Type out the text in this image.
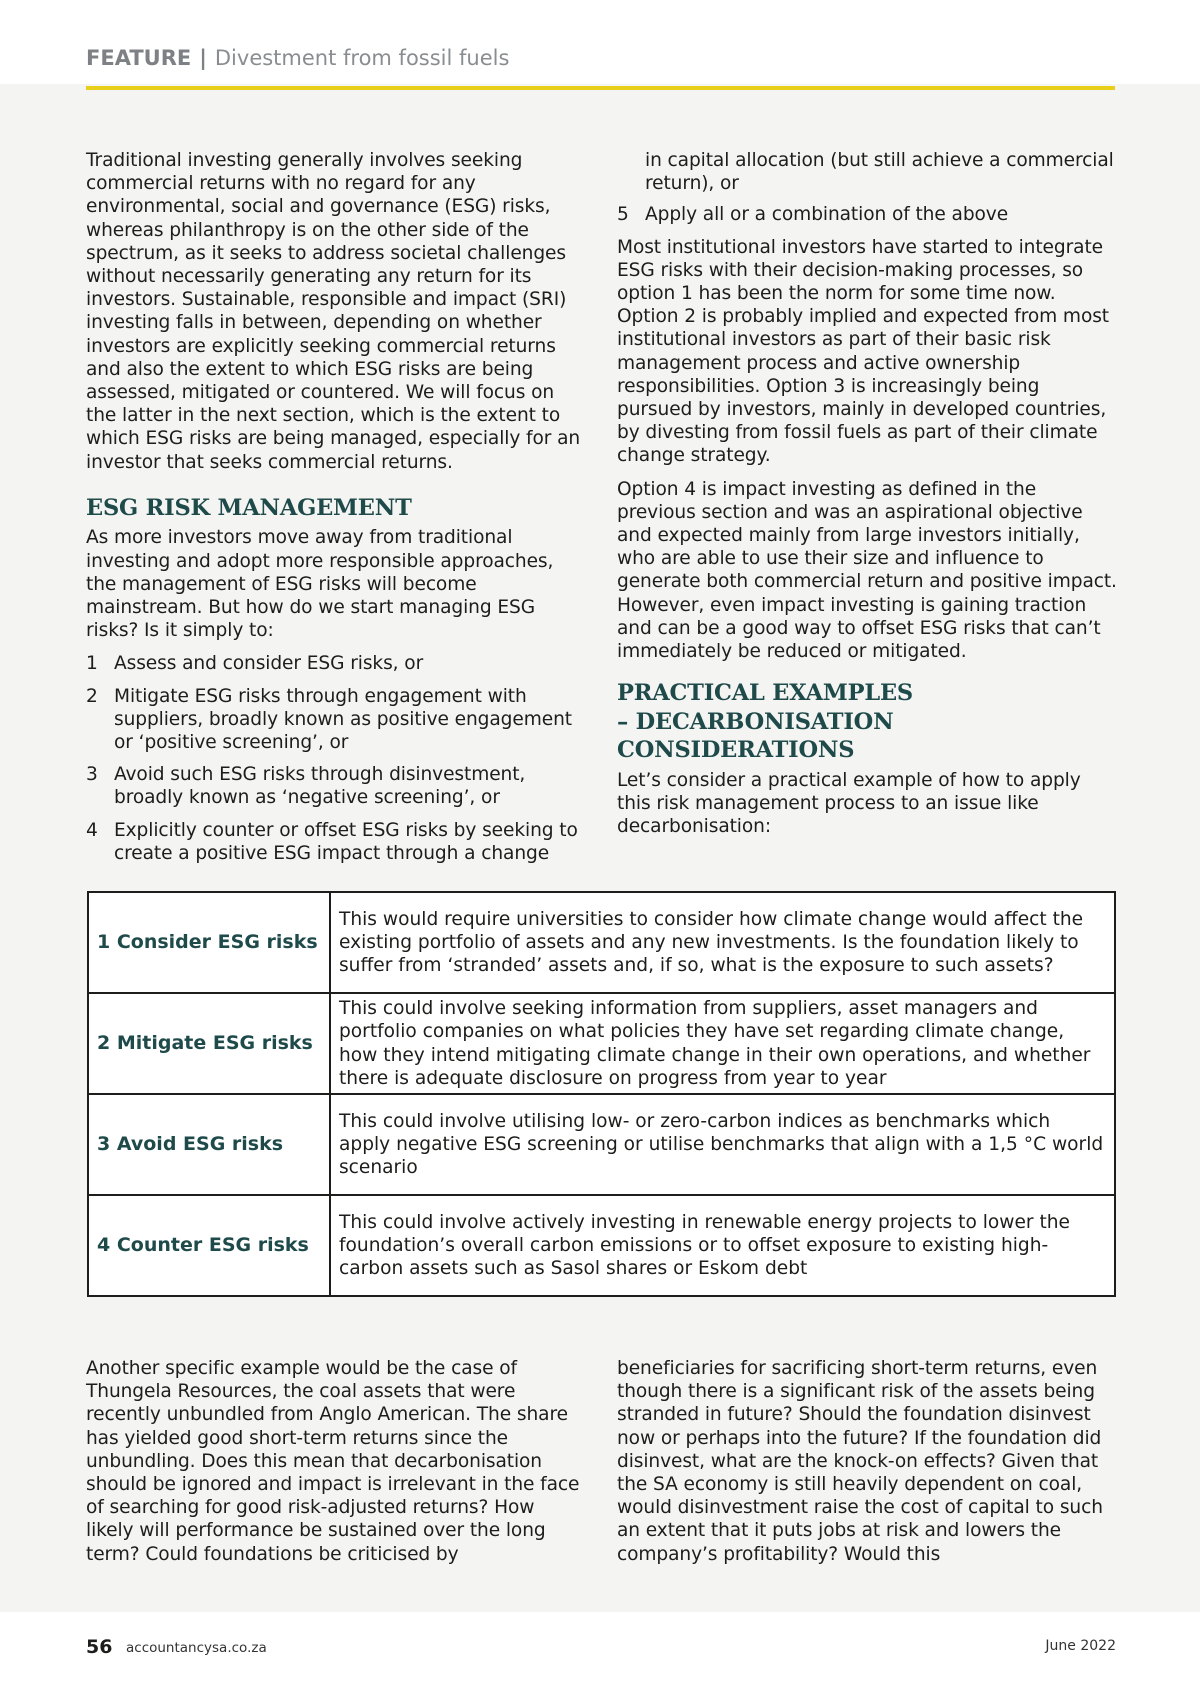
FEATURE | Divestment from fossil fuels

Traditional investing generally involves seeking commercial returns with no regard for any environmental, social and governance (ESG) risks, whereas philanthropy is on the other side of the spectrum, as it seeks to address societal challenges without necessarily generating any return for its investors. Sustainable, responsible and impact (SRI) investing falls in between, depending on whether investors are explicitly seeking commercial returns and also the extent to which ESG risks are being assessed, mitigated or countered. We will focus on the latter in the next section, which is the extent to which ESG risks are being managed, especially for an investor that seeks commercial returns.

ESG RISK MANAGEMENT

As more investors move away from traditional investing and adopt more responsible approaches, the management of ESG risks will become mainstream. But how do we start managing ESG risks? Is it simply to:

1 Assess and consider ESG risks, or
2 Mitigate ESG risks through engagement with suppliers, broadly known as positive engagement or ‘positive screening’, or
3 Avoid such ESG risks through disinvestment, broadly known as ‘negative screening’, or
4 Explicitly counter or offset ESG risks by seeking to create a positive ESG impact through a change

in capital allocation (but still achieve a commercial return), or

5 Apply all or a combination of the above

Most institutional investors have started to integrate ESG risks with their decision-making processes, so option 1 has been the norm for some time now. Option 2 is probably implied and expected from most institutional investors as part of their basic risk management process and active ownership responsibilities. Option 3 is increasingly being pursued by investors, mainly in developed countries, by divesting from fossil fuels as part of their climate change strategy.

Option 4 is impact investing as defined in the previous section and was an aspirational objective and expected mainly from large investors initially, who are able to use their size and influence to generate both commercial return and positive impact. However, even impact investing is gaining traction and can be a good way to offset ESG risks that can’t immediately be reduced or mitigated.

PRACTICAL EXAMPLES
– DECARBONISATION
CONSIDERATIONS

Let’s consider a practical example of how to apply this risk management process to an issue like decarbonisation:

1 Consider ESG risks	This would require universities to consider how climate change would affect the existing portfolio of assets and any new investments. Is the foundation likely to suffer from ‘stranded’ assets and, if so, what is the exposure to such assets?
2 Mitigate ESG risks	This could involve seeking information from suppliers, asset managers and portfolio companies on what policies they have set regarding climate change, how they intend mitigating climate change in their own operations, and whether there is adequate disclosure on progress from year to year
3 Avoid ESG risks	This could involve utilising low- or zero-carbon indices as benchmarks which apply negative ESG screening or utilise benchmarks that align with a 1,5 °C world scenario
4 Counter ESG risks	This could involve actively investing in renewable energy projects to lower the foundation’s overall carbon emissions or to offset exposure to existing high-carbon assets such as Sasol shares or Eskom debt

Another specific example would be the case of Thungela Resources, the coal assets that were recently unbundled from Anglo American. The share has yielded good short-term returns since the unbundling. Does this mean that decarbonisation should be ignored and impact is irrelevant in the face of searching for good risk-adjusted returns? How likely will performance be sustained over the long term? Could foundations be criticised by

beneficiaries for sacrificing short-term returns, even though there is a significant risk of the assets being stranded in future? Should the foundation disinvest now or perhaps into the future? If the foundation did disinvest, what are the knock-on effects? Given that the SA economy is still heavily dependent on coal, would disinvestment raise the cost of capital to such an extent that it puts jobs at risk and lowers the company’s profitability? Would this

56 accountancysa.co.za	June 2022
